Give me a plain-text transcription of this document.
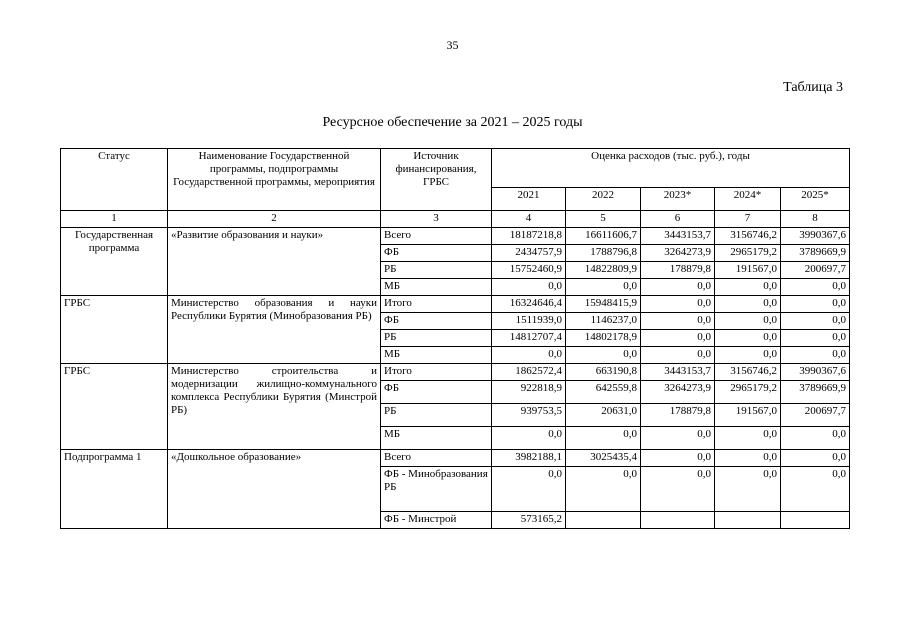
35
Таблица 3
Ресурсное обеспечение за 2021 – 2025 годы
Статус	Наименование Государственной программы, подпрограммы Государственной программы, мероприятия	Источник финансирования, ГРБС	Оценка расходов (тыс. руб.), годы				
			2021	2022	2023*	2024*	2025*
1	2	3	4	5	6	7	8
Государственная программа	«Развитие образования и науки»	Всего	18187218,8	16611606,7	3443153,7	3156746,2	3990367,6
		ФБ	2434757,9	1788796,8	3264273,9	2965179,2	3789669,9
		РБ	15752460,9	14822809,9	178879,8	191567,0	200697,7
		МБ	0,0	0,0	0,0	0,0	0,0
ГРБС	Министерство образования и науки Республики Бурятия (Минобразования РБ)	Итого	16324646,4	15948415,9	0,0	0,0	0,0
		ФБ	1511939,0	1146237,0	0,0	0,0	0,0
		РБ	14812707,4	14802178,9	0,0	0,0	0,0
		МБ	0,0	0,0	0,0	0,0	0,0
ГРБС	Министерство строительства и модернизации жилищно-коммунального комплекса Республики Бурятия (Минстрой РБ)	Итого	1862572,4	663190,8	3443153,7	3156746,2	3990367,6
		ФБ	922818,9	642559,8	3264273,9	2965179,2	3789669,9
		РБ	939753,5	20631,0	178879,8	191567,0	200697,7
		МБ	0,0	0,0	0,0	0,0	0,0
Подпрограмма 1	«Дошкольное образование»	Всего	3982188,1	3025435,4	0,0	0,0	0,0
		ФБ - Минобразования РБ	0,0	0,0	0,0	0,0	0,0
		ФБ - Минстрой	573165,2				
